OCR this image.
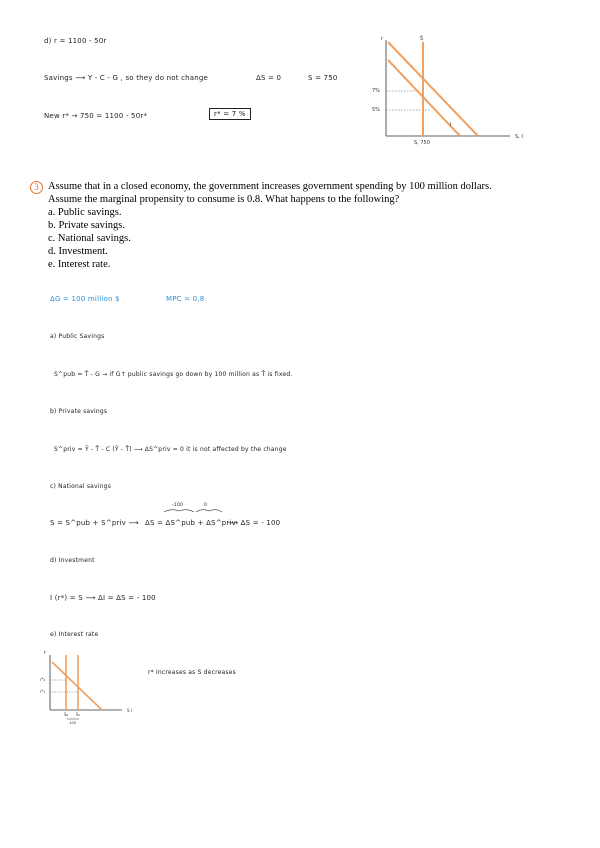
d) r = 1100 - 50r
Savings ⟶ Y - C - G , so they do not change	ΔS = 0	S = 750
New r* → 750 = 1100 - 50r*	r* = 7 %
r	S̄
7%
5%
I
S, 750
S, I
3 Assume that in a closed economy, the government increases government spending by 100 million dollars.
Assume the marginal propensity to consume is 0.8. What happens to the following?
a. Public savings.
b. Private savings.
c. National savings.
d. Investment.
e. Interest rate.
ΔG = 100 million $	MPC = 0,8
a) Public Savings
S^pub = T̄ - G → if G↑ public savings go down by 100 million as T̄ is fixed.
b) Private savings
S^priv = Ȳ - T̄ - C (Ȳ - T̄) ⟶ ΔS^priv = 0 it is not affected by the change
c) National savings
-100	0
S = S^pub + S^priv ⟶ ΔS = ΔS^pub + ΔS^priv
⟶ ΔS = - 100
d) Investment
I (r*) = S ⟶ ΔI = ΔS = - 100
e) Interest rate
r* increases as S decreases
r
r*₂
r*₁
S I
S₂ S₁
-100
